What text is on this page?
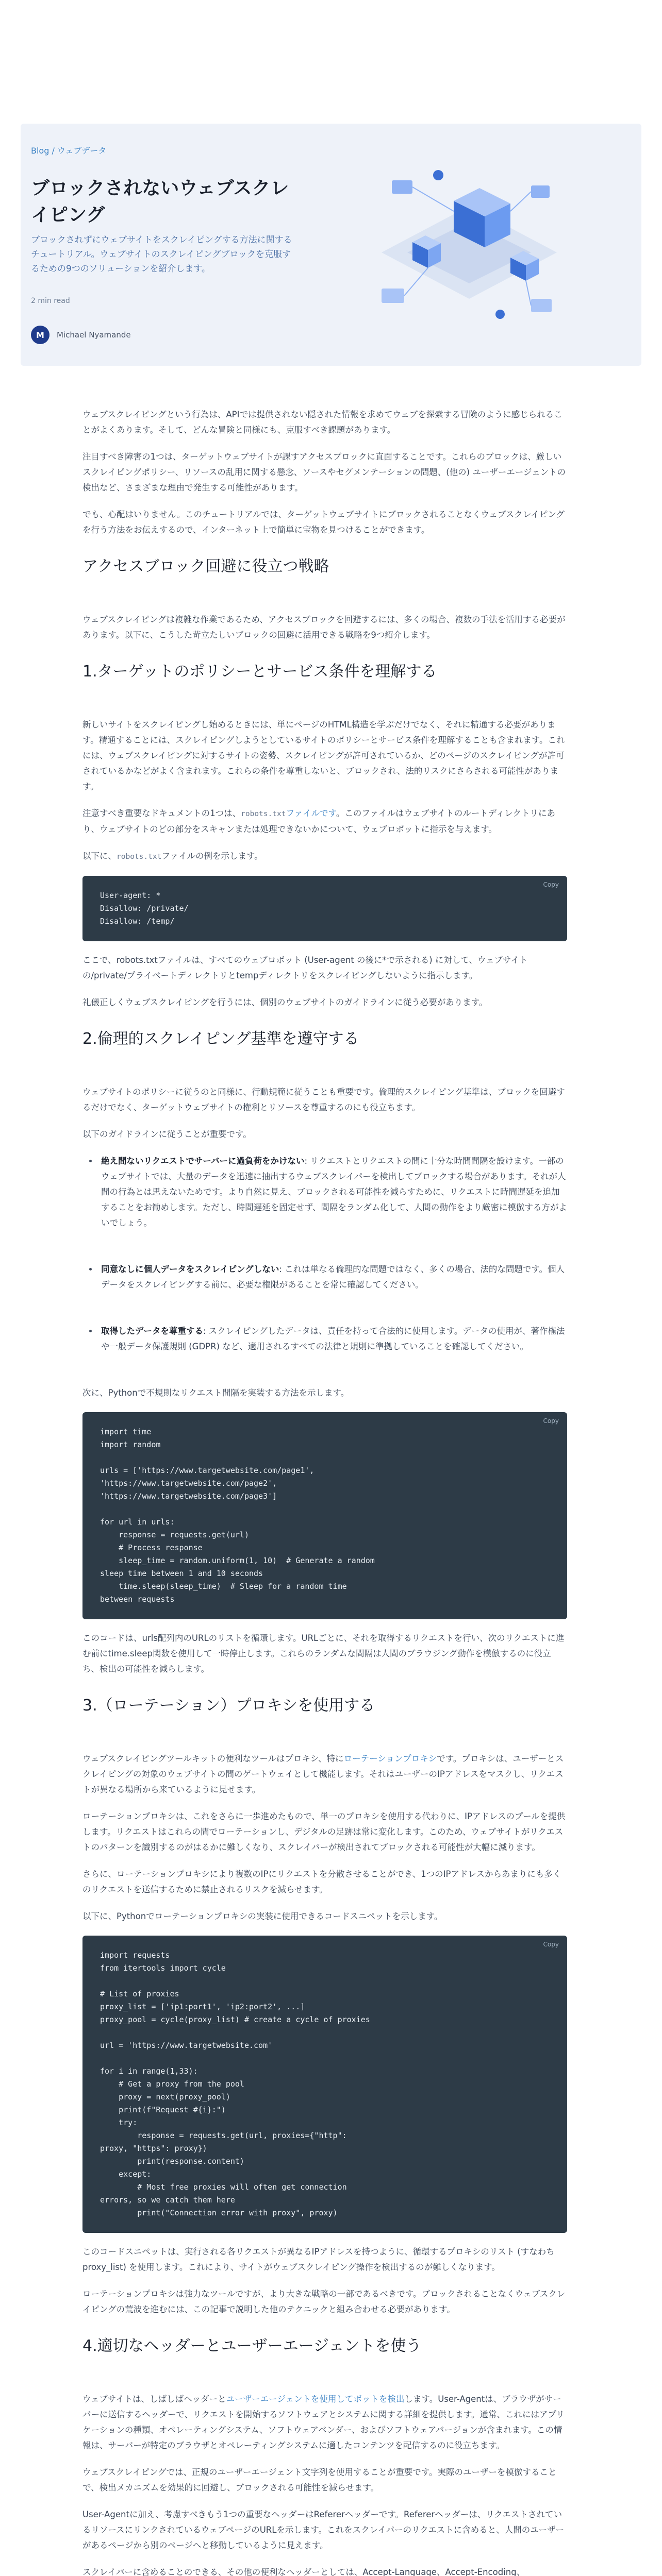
Blog / ウェブデータ
ブロックされないウェブスクレイピング
ブロックされずにウェブサイトをスクレイピングする方法に関するチュートリアル。ウェブサイトのスクレイピングブロックを克服するための9つのソリューションを紹介します。
2 min read
M	Michael Nyamande

ウェブスクレイピングという行為は、APIでは提供されない隠された情報を求めてウェブを探索する冒険のように感じられることがよくあります。そして、どんな冒険と同様にも、克服すべき課題があります。

注目すべき障害の1つは、ターゲットウェブサイトが課すアクセスブロックに直面することです。これらのブロックは、厳しいスクレイピングポリシー、リソースの乱用に関する懸念、ソースやセグメンテーションの問題、(他の) ユーザーエージェントの検出など、さまざまな理由で発生する可能性があります。

でも、心配はいりません。このチュートリアルでは、ターゲットウェブサイトにブロックされることなくウェブスクレイピングを行う方法をお伝えするので、インターネット上で簡単に宝物を見つけることができます。

アクセスブロック回避に役立つ戦略

ウェブスクレイピングは複雑な作業であるため、アクセスブロックを回避するには、多くの場合、複数の手法を活用する必要があります。以下に、こうした苛立たしいブロックの回避に活用できる戦略を9つ紹介します。

1.ターゲットのポリシーとサービス条件を理解する

新しいサイトをスクレイピングし始めるときには、単にページのHTML構造を学ぶだけでなく、それに精通する必要があります。精通することには、スクレイピングしようとしているサイトのポリシーとサービス条件を理解することも含まれます。これには、ウェブスクレイピングに対するサイトの姿勢、スクレイピングが許可されているか、どのページのスクレイピングが許可されているかなどがよく含まれます。これらの条件を尊重しないと、ブロックされ、法的リスクにさらされる可能性があります。

注意すべき重要なドキュメントの1つは、robots.txtファイルです。このファイルはウェブサイトのルートディレクトリにあり、ウェブサイトのどの部分をスキャンまたは処理できないかについて、ウェブロボットに指示を与えます。

以下に、robots.txtファイルの例を示します。

Copy
User-agent: *
Disallow: /private/
Disallow: /temp/

ここで、robots.txtファイルは、すべてのウェブロボット (User-agent の後に*で示される) に対して、ウェブサイトの/private/プライベートディレクトリとtempディレクトリをスクレイピングしないように指示します。

礼儀正しくウェブスクレイピングを行うには、個別のウェブサイトのガイドラインに従う必要があります。

2.倫理的スクレイピング基準を遵守する

ウェブサイトのポリシーに従うのと同様に、行動規範に従うことも重要です。倫理的スクレイピング基準は、ブロックを回避するだけでなく、ターゲットウェブサイトの権利とリソースを尊重するのにも役立ちます。

以下のガイドラインに従うことが重要です。

• 絶え間ないリクエストでサーバーに過負荷をかけない: リクエストとリクエストの間に十分な時間間隔を設けます。一部のウェブサイトでは、大量のデータを迅速に抽出するウェブスクレイパーを検出してブロックする場合があります。それが人間の行為とは思えないためです。より自然に見え、ブロックされる可能性を減らすために、リクエストに時間遅延を追加することをお勧めします。ただし、時間遅延を固定せず、間隔をランダム化して、人間の動作をより厳密に模倣する方がよいでしょう。
• 同意なしに個人データをスクレイピングしない: これは単なる倫理的な問題ではなく、多くの場合、法的な問題です。個人データをスクレイピングする前に、必要な権限があることを常に確認してください。
• 取得したデータを尊重する: スクレイピングしたデータは、責任を持って合法的に使用します。データの使用が、著作権法や一般データ保護規則 (GDPR) など、適用されるすべての法律と規則に準拠していることを確認してください。

次に、Pythonで不規則なリクエスト間隔を実装する方法を示します。

Copy
import time
import random

urls = ['https://www.targetwebsite.com/page1',
'https://www.targetwebsite.com/page2',
'https://www.targetwebsite.com/page3']

for url in urls:
response = requests.get(url)
# Process response
sleep_time = random.uniform(1, 10)  # Generate a random
sleep time between 1 and 10 seconds
time.sleep(sleep_time)  # Sleep for a random time
between requests

このコードは、urls配列内のURLのリストを循環します。URLごとに、それを取得するリクエストを行い、次のリクエストに進む前にtime.sleep関数を使用して一時停止します。これらのランダムな間隔は人間のブラウジング動作を模倣するのに役立ち、検出の可能性を減らします。

3.（ローテーション）プロキシを使用する

ウェブスクレイピングツールキットの便利なツールはプロキシ、特にローテーションプロキシです。プロキシは、ユーザーとスクレイピングの対象のウェブサイトの間のゲートウェイとして機能します。それはユーザーのIPアドレスをマスクし、リクエストが異なる場所から来ているように見せます。

ローテーションプロキシは、これをさらに一歩進めたもので、単一のプロキシを使用する代わりに、IPアドレスのプールを提供します。リクエストはこれらの間でローテーションし、デジタルの足跡は常に変化します。このため、ウェブサイトがリクエストのパターンを識別するのがはるかに難しくなり、スクレイパーが検出されてブロックされる可能性が大幅に減ります。

さらに、ローテーションプロキシにより複数のIPにリクエストを分散させることができ、1つのIPアドレスからあまりにも多くのリクエストを送信するために禁止されるリスクを減らせます。

以下に、Pythonでローテーションプロキシの実装に使用できるコードスニペットを示します。

Copy
import requests
from itertools import cycle

# List of proxies
proxy_list = ['ip1:port1', 'ip2:port2', ...]
proxy_pool = cycle(proxy_list) # create a cycle of proxies

url = 'https://www.targetwebsite.com'

for i in range(1,33):
# Get a proxy from the pool
proxy = next(proxy_pool)
print(f"Request #{i}:")
try:
response = requests.get(url, proxies={"http":
proxy, "https": proxy})
print(response.content)
except:
# Most free proxies will often get connection
errors, so we catch them here
print("Connection error with proxy", proxy)

このコードスニペットは、実行される各リクエストが異なるIPアドレスを持つように、循環するプロキシのリスト (すなわちproxy_list) を使用します。これにより、サイトがウェブスクレイピング操作を検出するのが難しくなります。

ローテーションプロキシは強力なツールですが、より大きな戦略の一部であるべきです。ブロックされることなくウェブスクレイピングの荒波を進むには、この記事で説明した他のテクニックと組み合わせる必要があります。

4.適切なヘッダーとユーザーエージェントを使う

ウェブサイトは、しばしばヘッダーとユーザーエージェントを使用してボットを検出します。User-Agentは、ブラウザがサーバーに送信するヘッダーで、リクエストを開始するソフトウェアとシステムに関する詳細を提供します。通常、これにはアプリケーションの種類、オペレーティングシステム、ソフトウェアベンダー、およびソフトウェアバージョンが含まれます。この情報は、サーバーが特定のブラウザとオペレーティングシステムに適したコンテンツを配信するのに役立ちます。

ウェブスクレイピングでは、正規のユーザーエージェント文字列を使用することが重要です。実際のユーザーを模倣することで、検出メカニズムを効果的に回避し、ブロックされる可能性を減らせます。

User-Agentに加え、考慮すべきもう1つの重要なヘッダーはRefererヘッダーです。Refererヘッダーは、リクエストされているリソースにリンクされているウェブページのURLを示します。これをスクレイパーのリクエストに含めると、人間のユーザーがあるページから別のページへと移動しているように見えます。

スクレイパーに含めることのできる、その他の便利なヘッダーとしては、Accept-Language、Accept-Encoding、
